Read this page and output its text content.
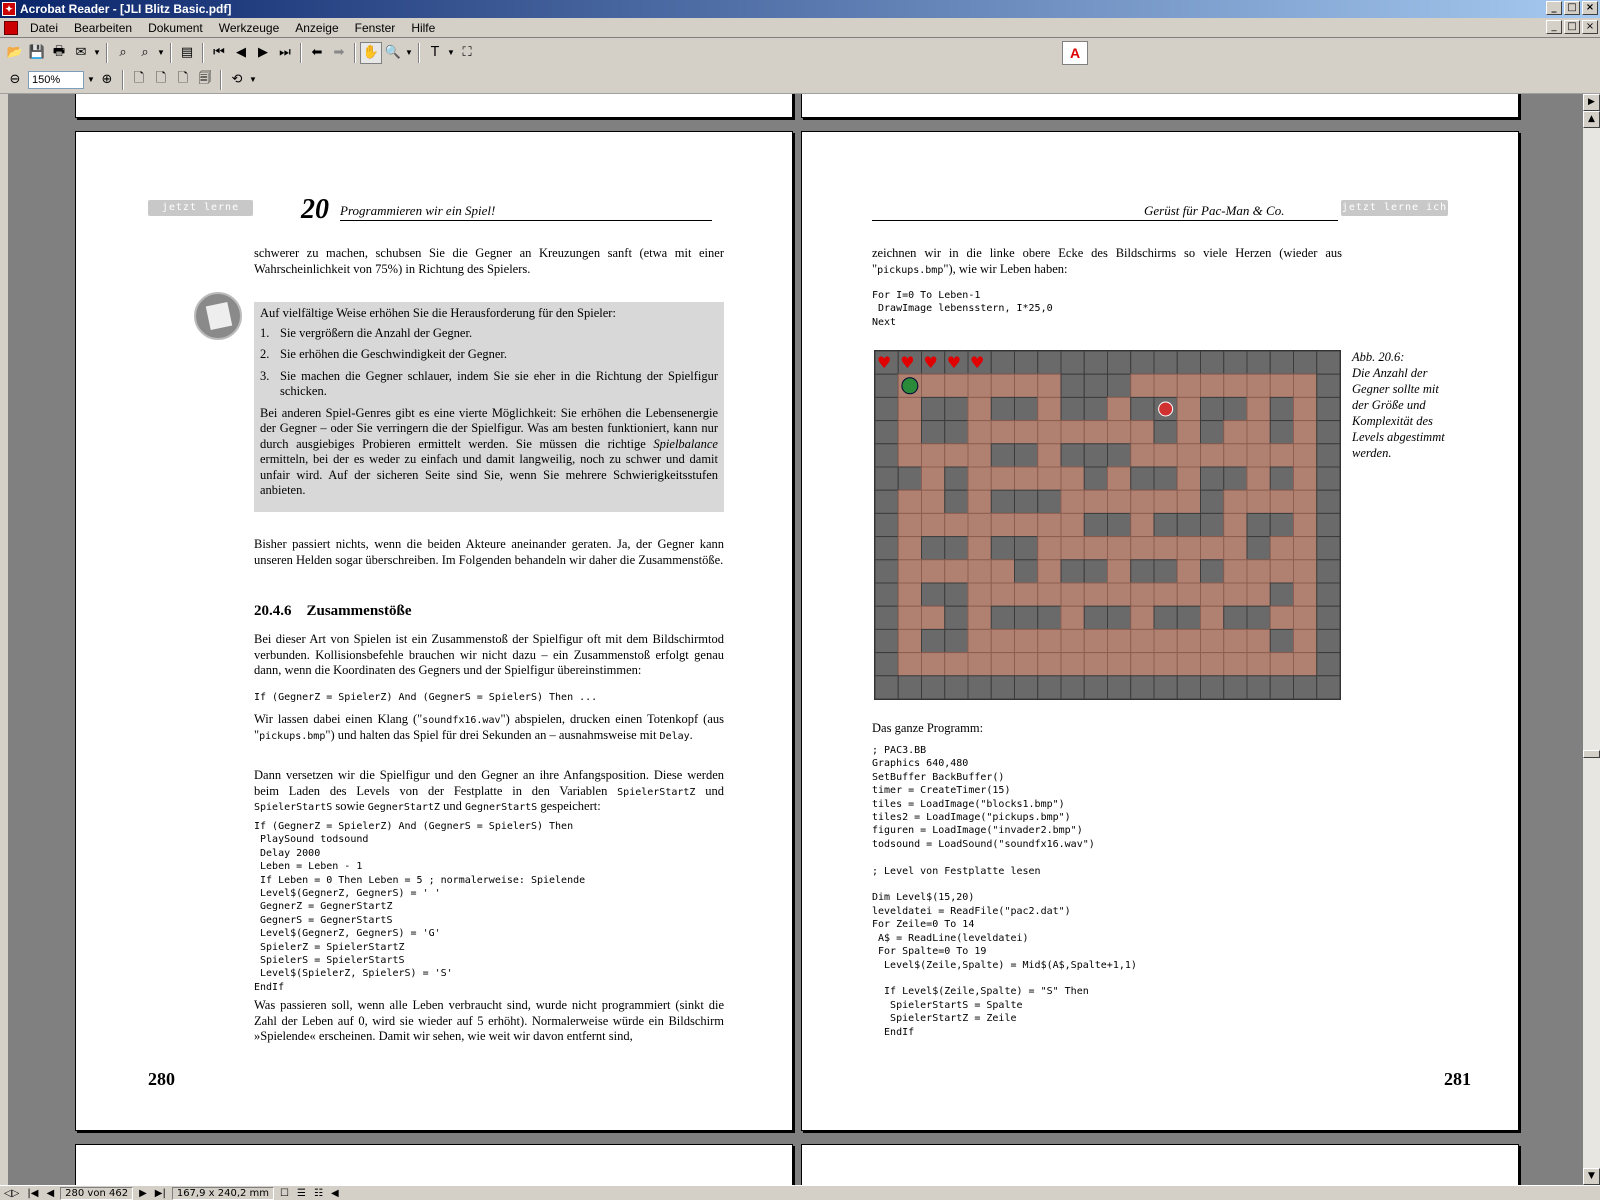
✦ Acrobat Reader - [JLI Blitz Basic.pdf]	_	□ ×
Datei	Bearbeiten	Dokument	Werkzeuge	Anzeige	Fenster	Hilfe	_	□ ×
📂 💾 🖶 ✉ ▼	⌕	⌕	▼	▤	⏮ ◀ ▶ ⏭	⬅ ➡	✋ 🔍 ▼	T	▼ ⛶	A
⊖
150%	▼ ⊕	🗋 🗋 🗋 🗐	⟲ ▼
jetzt lerne ich	20 Programmieren wir ein Spiel!

schwerer zu machen, schubsen Sie die Gegner an Kreuzungen sanft (etwa mit einer Wahrscheinlichkeit von 75%) in Richtung des Spielers.

Auf vielfältige Weise erhöhen Sie die Herausforderung für den Spieler:

1. Sie vergrößern die Anzahl der Gegner.
2. Sie erhöhen die Geschwindigkeit der Gegner.
3. Sie machen die Gegner schlauer, indem Sie sie eher in die Richtung der Spielfigur schicken.

Bei anderen Spiel-Genres gibt es eine vierte Möglichkeit: Sie erhöhen die Lebensenergie der Gegner – oder Sie verringern die der Spielfigur. Was am besten funktioniert, kann nur durch ausgiebiges Probieren ermittelt werden. Sie müssen die richtige Spielbalance ermitteln, bei der es weder zu einfach und damit langweilig, noch zu schwer und damit unfair wird. Auf der sicheren Seite sind Sie, wenn Sie mehrere Schwierigkeitsstufen anbieten.

Bisher passiert nichts, wenn die beiden Akteure aneinander geraten. Ja, der Gegner kann unseren Helden sogar überschreiben. Im Folgenden behandeln wir daher die Zusammenstöße.

20.4.6 Zusammenstöße

Bei dieser Art von Spielen ist ein Zusammenstoß der Spielfigur oft mit dem Bildschirmtod verbunden. Kollisionsbefehle brauchen wir nicht dazu – ein Zusammenstoß erfolgt genau dann, wenn die Koordinaten des Gegners und der Spielfigur übereinstimmen:

If (GegnerZ = SpielerZ) And (GegnerS = SpielerS) Then ...

Wir lassen dabei einen Klang ("soundfx16.wav") abspielen, drucken einen Totenkopf (aus "pickups.bmp") und halten das Spiel für drei Sekunden an – ausnahmsweise mit Delay.

Dann versetzen wir die Spielfigur und den Gegner an ihre Anfangsposition. Diese werden beim Laden des Levels von der Festplatte in den Variablen SpielerStartZ und SpielerStartS sowie GegnerStartZ und GegnerStartS gespeichert:

If (GegnerZ = SpielerZ) And (GegnerS = SpielerS) Then
PlaySound todsound
Delay 2000
Leben = Leben - 1
If Leben = 0 Then Leben = 5 ; normalerweise: Spielende
Level$(GegnerZ, GegnerS) = ' '
GegnerZ = GegnerStartZ
GegnerS = GegnerStartS
Level$(GegnerZ, GegnerS) = 'G'
SpielerZ = SpielerStartZ
SpielerS = SpielerStartS
Level$(SpielerZ, SpielerS) = 'S'
EndIf

Was passieren soll, wenn alle Leben verbraucht sind, wurde nicht programmiert (sinkt die Zahl der Leben auf 0, wird sie wieder auf 5 erhöht). Normalerweise würde ein Bildschirm »Spielende« erscheinen. Damit wir sehen, wie weit wir davon entfernt sind,

280
Gerüst für Pac-Man & Co.	jetzt lerne ich

zeichnen wir in die linke obere Ecke des Bildschirms so viele Herzen (wieder aus "pickups.bmp"), wie wir Leben haben:

For I=0 To Leben-1
DrawImage lebensstern, I*25,0
Next
♥ ♥ ♥ ♥ ♥	Abb. 20.6:
Die Anzahl der Gegner sollte mit der Größe und Komplexität des Levels abgestimmt werden.

Das ganze Programm:

; PAC3.BB
Graphics 640,480
SetBuffer BackBuffer()
timer = CreateTimer(15)
tiles = LoadImage("blocks1.bmp")
tiles2 = LoadImage("pickups.bmp")
figuren = LoadImage("invader2.bmp")
todsound = LoadSound("soundfx16.wav")

; Level von Festplatte lesen

Dim Level$(15,20)
leveldatei = ReadFile("pac2.dat")
For Zeile=0 To 14
A$ = ReadLine(leveldatei)
For Spalte=0 To 19
Level$(Zeile,Spalte) = Mid$(A$,Spalte+1,1)

If Level$(Zeile,Spalte) = "S" Then
SpielerStartS = Spalte
SpielerStartZ = Zeile
EndIf
281
▶
▲
▼
◁▷ |◀ ◀	280 von 462	▶ ▶|	167,9 x 240,2 mm	☐ ☰ ☷ ◀
